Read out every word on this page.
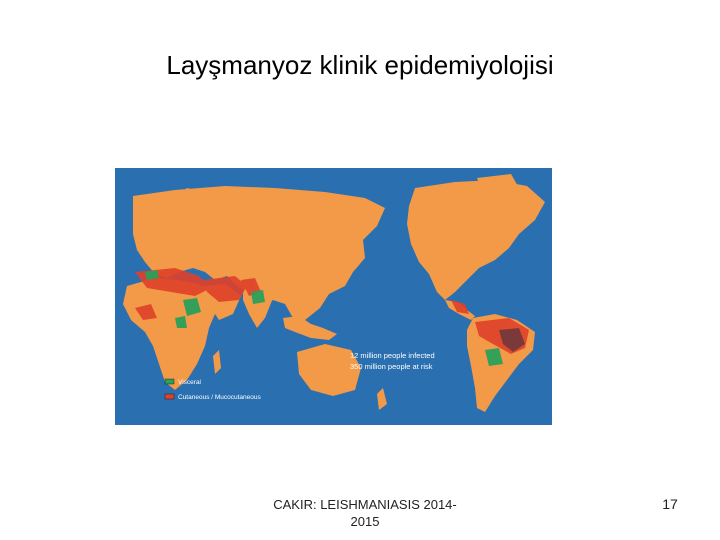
Layşmanyoz klinik epidemiyolojisi
12 million people infected
350 million people at risk
Visceral
Cutaneous / Mucocutaneous
CAKIR: LEISHMANIASIS 2014-
2015
17
